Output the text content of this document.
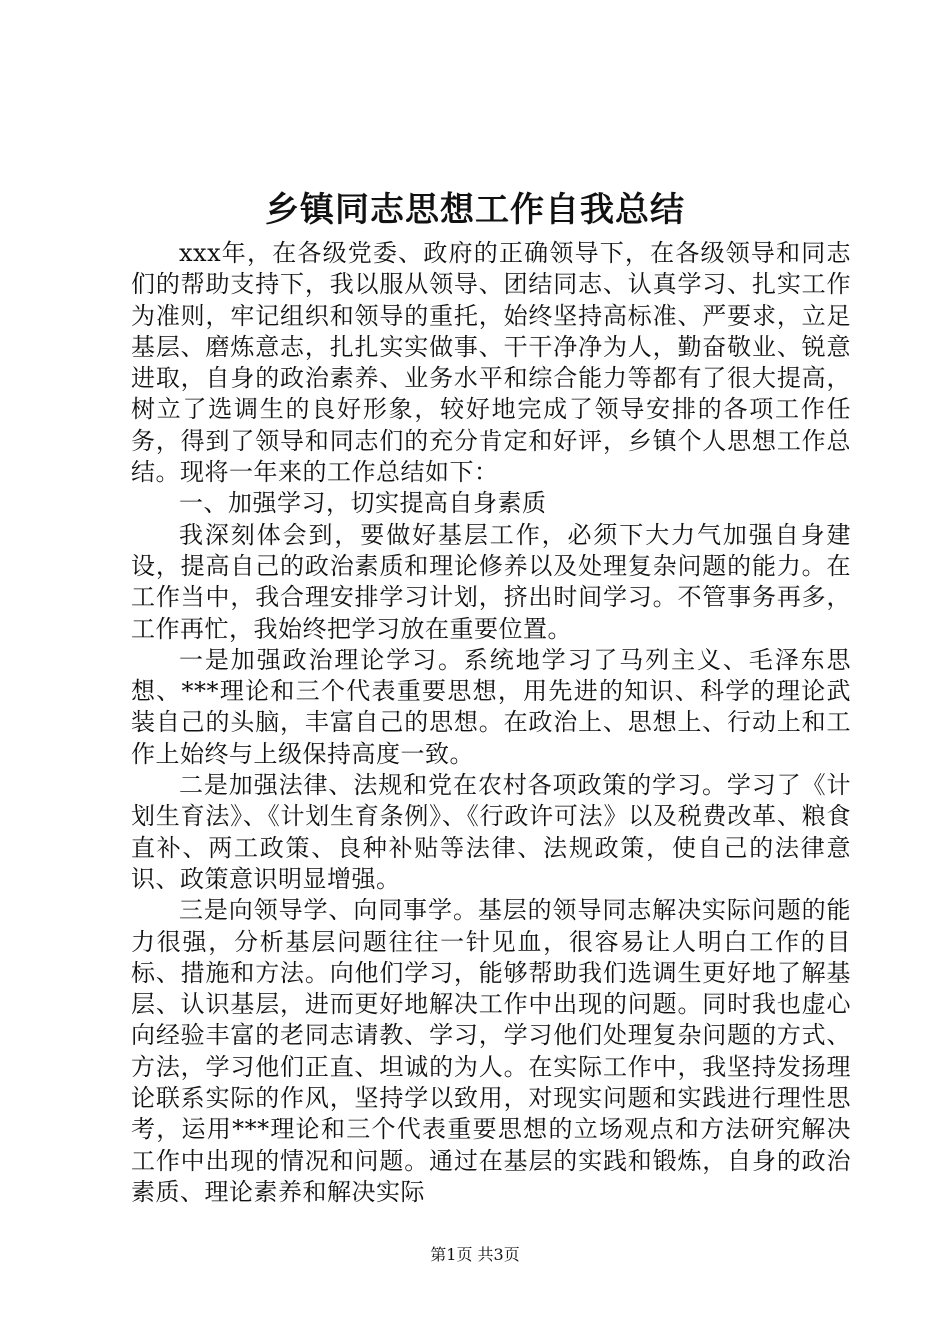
乡镇同志思想工作自我总结

xxx年，在各级党委、政府的正确领导下，在各级领导和同志们的帮助支持下，我以服从领导、团结同志、认真学习、扎实工作为准则，牢记组织和领导的重托，始终坚持高标准、严要求，立足基层、磨炼意志，扎扎实实做事、干干净净为人，勤奋敬业、锐意进取，自身的政治素养、业务水平和综合能力等都有了很大提高，树立了选调生的良好形象，较好地完成了领导安排的各项工作任务，得到了领导和同志们的充分肯定和好评，乡镇个人思想工作总结。现将一年来的工作总结如下：

一、加强学习，切实提高自身素质

我深刻体会到，要做好基层工作，必须下大力气加强自身建设，提高自己的政治素质和理论修养以及处理复杂问题的能力。在工作当中，我合理安排学习计划，挤出时间学习。不管事务再多，工作再忙，我始终把学习放在重要位置。

一是加强政治理论学习。系统地学习了马列主义、毛泽东思想、***理论和三个代表重要思想，用先进的知识、科学的理论武装自己的头脑，丰富自己的思想。在政治上、思想上、行动上和工作上始终与上级保持高度一致。

二是加强法律、法规和党在农村各项政策的学习。学习了《计划生育法》、《计划生育条例》、《行政许可法》以及税费改革、粮食直补、两工政策、良种补贴等法律、法规政策，使自己的法律意识、政策意识明显增强。

三是向领导学、向同事学。基层的领导同志解决实际问题的能力很强，分析基层问题往往一针见血，很容易让人明白工作的目标、措施和方法。向他们学习，能够帮助我们选调生更好地了解基层、认识基层，进而更好地解决工作中出现的问题。同时我也虚心向经验丰富的老同志请教、学习，学习他们处理复杂问题的方式、方法，学习他们正直、坦诚的为人。在实际工作中，我坚持发扬理论联系实际的作风，坚持学以致用，对现实问题和实践进行理性思考，运用***理论和三个代表重要思想的立场观点和方法研究解决工作中出现的情况和问题。通过在基层的实践和锻炼，自身的政治素质、理论素养和解决实际

第1页 共3页
